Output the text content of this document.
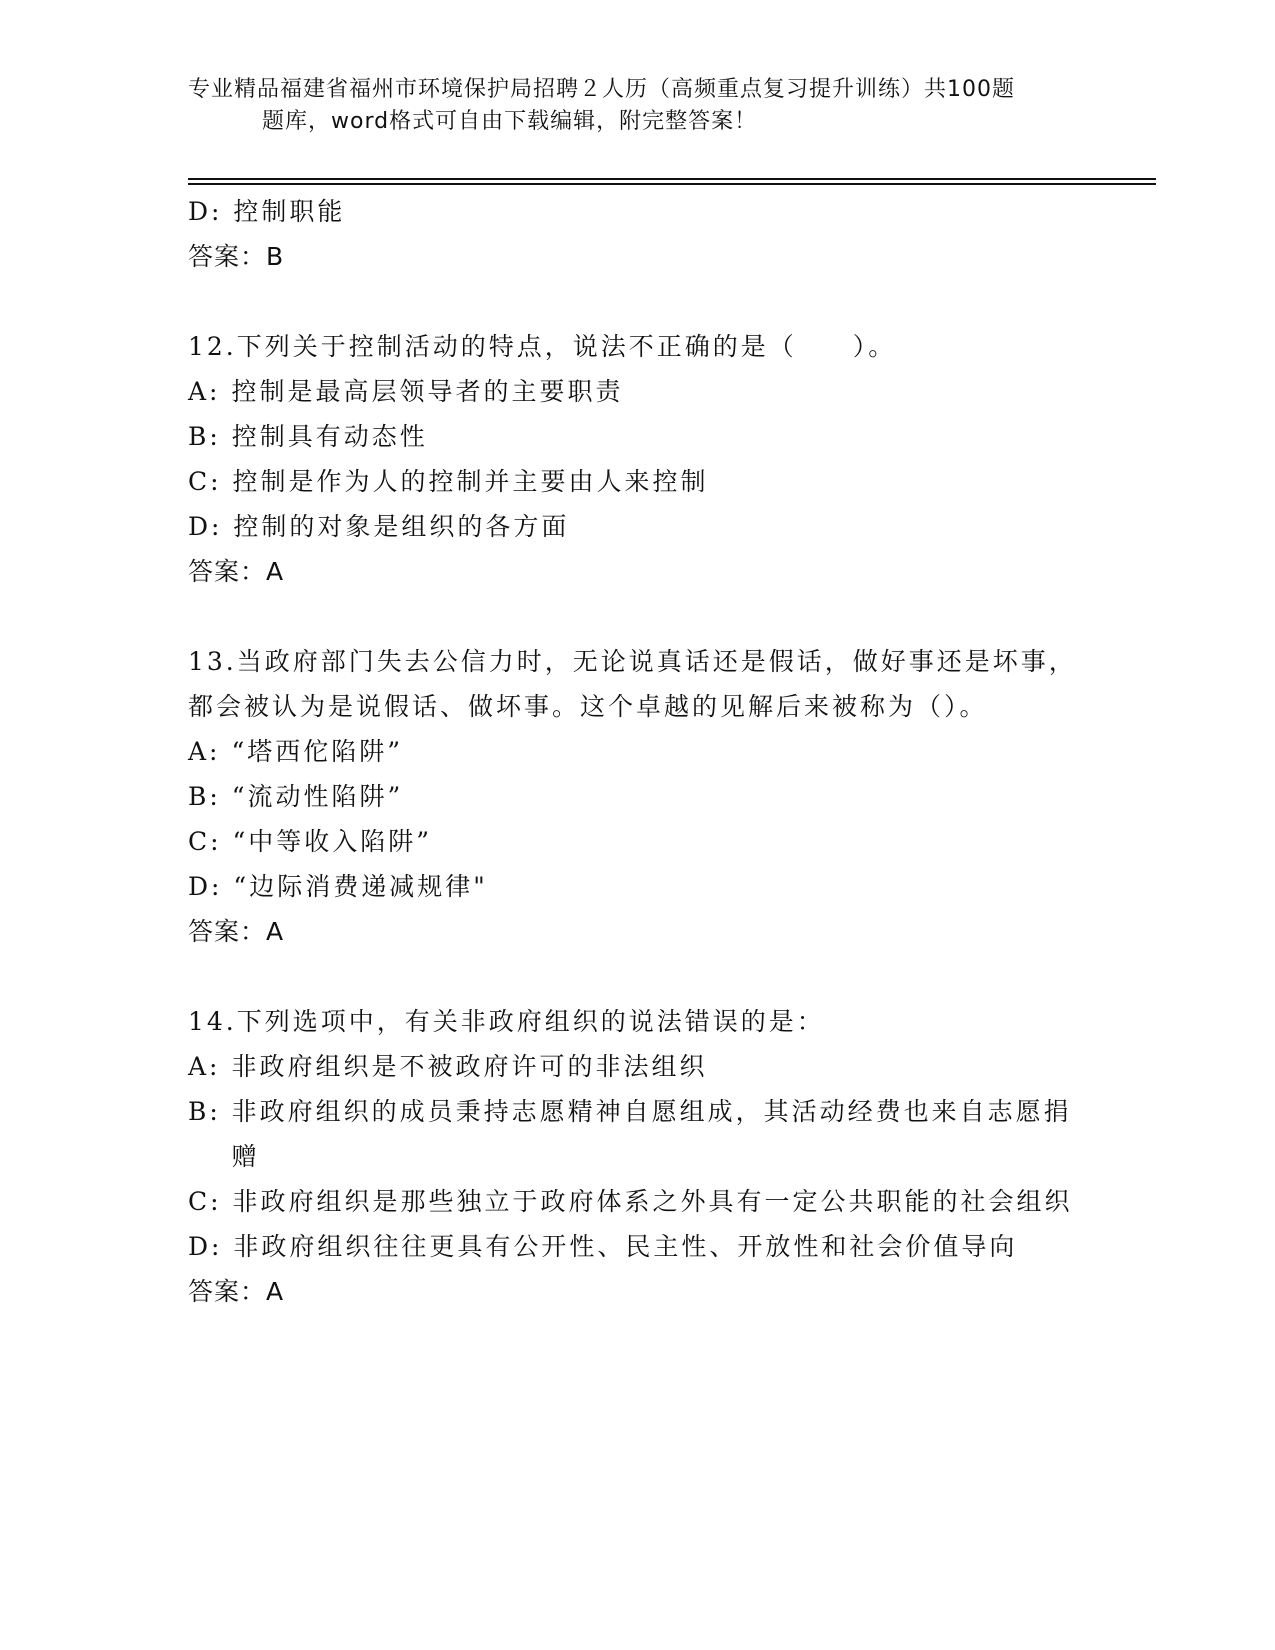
专业精品福建省福州市环境保护局招聘２人历（高频重点复习提升训练）共100题
题库，word格式可自由下载编辑，附完整答案！
D:
控制职能
答案：B
12.下列关于控制活动的特点，说法不正确的是（　　）。
A:
控制是最高层领导者的主要职责
B:
控制具有动态性
C:
控制是作为人的控制并主要由人来控制
D:
控制的对象是组织的各方面
答案：A
13.当政府部门失去公信力时，无论说真话还是假话，做好事还是坏事，都会被认为是说假话、做坏事。这个卓越的见解后来被称为（）。
A:
“塔西佗陷阱”
B:
“流动性陷阱”
C:
“中等收入陷阱”
D:
“边际消费递减规律"
答案：A
14.下列选项中，有关非政府组织的说法错误的是：
A:
非政府组织是不被政府许可的非法组织
B:
非政府组织的成员秉持志愿精神自愿组成，其活动经费也来自志愿捐赠
C:
非政府组织是那些独立于政府体系之外具有一定公共职能的社会组织
D:
非政府组织往往更具有公开性、民主性、开放性和社会价值导向
答案：A
